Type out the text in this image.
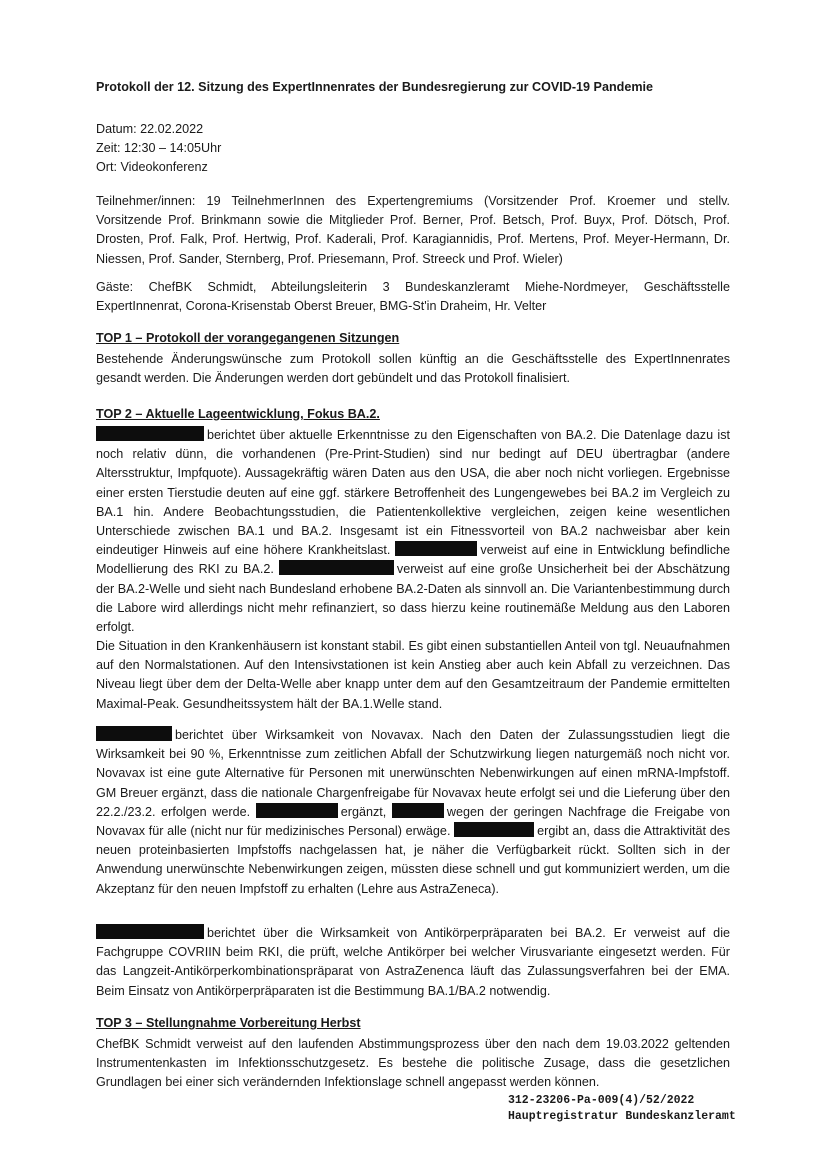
Protokoll der 12. Sitzung des ExpertInnenrates der Bundesregierung zur COVID-19 Pandemie
Datum: 22.02.2022
Zeit: 12:30 – 14:05Uhr
Ort: Videokonferenz
Teilnehmer/innen: 19 TeilnehmerInnen des Expertengremiums (Vorsitzender Prof. Kroemer und stellv. Vorsitzende Prof. Brinkmann sowie die Mitglieder Prof. Berner, Prof. Betsch, Prof. Buyx, Prof. Dötsch, Prof. Drosten, Prof. Falk, Prof. Hertwig, Prof. Kaderali, Prof. Karagiannidis, Prof. Mertens, Prof. Meyer-Hermann, Dr. Niessen, Prof. Sander, Sternberg, Prof. Priesemann, Prof. Streeck und Prof. Wieler)
Gäste: ChefBK Schmidt, Abteilungsleiterin 3 Bundeskanzleramt Miehe-Nordmeyer, Geschäftsstelle ExpertInnenrat, Corona-Krisenstab Oberst Breuer, BMG-St'in Draheim, Hr. Velter
TOP 1 – Protokoll der vorangegangenen Sitzungen
Bestehende Änderungswünsche zum Protokoll sollen künftig an die Geschäftsstelle des ExpertInnenrates gesandt werden. Die Änderungen werden dort gebündelt und das Protokoll finalisiert.
TOP 2 – Aktuelle Lageentwicklung, Fokus BA.2.
berichtet über aktuelle Erkenntnisse zu den Eigenschaften von BA.2. Die Datenlage dazu ist noch relativ dünn, die vorhandenen (Pre-Print-Studien) sind nur bedingt auf DEU übertragbar (andere Altersstruktur, Impfquote). Aussagekräftig wären Daten aus den USA, die aber noch nicht vorliegen. Ergebnisse einer ersten Tierstudie deuten auf eine ggf. stärkere Betroffenheit des Lungengewebes bei BA.2 im Vergleich zu BA.1 hin. Andere Beobachtungsstudien, die Patientenkollektive vergleichen, zeigen keine wesentlichen Unterschiede zwischen BA.1 und BA.2. Insgesamt ist ein Fitnessvorteil von BA.2 nachweisbar aber kein eindeutiger Hinweis auf eine höhere Krankheitslast.	verweist auf eine in Entwicklung befindliche Modellierung des RKI zu BA.2.	verweist auf eine große Unsicherheit bei der Abschätzung der BA.2-Welle und sieht nach Bundesland erhobene BA.2-Daten als sinnvoll an. Die Variantenbestimmung durch die Labore wird allerdings nicht mehr refinanziert, so dass hierzu keine routinemäße Meldung aus den Laboren erfolgt.
Die Situation in den Krankenhäusern ist konstant stabil. Es gibt einen substantiellen Anteil von tgl. Neuaufnahmen auf den Normalstationen. Auf den Intensivstationen ist kein Anstieg aber auch kein Abfall zu verzeichnen. Das Niveau liegt über dem der Delta-Welle aber knapp unter dem auf den Gesamtzeitraum der Pandemie ermittelten Maximal-Peak. Gesundheitssystem hält der BA.1.Welle stand.
berichtet über Wirksamkeit von Novavax. Nach den Daten der Zulassungsstudien liegt die Wirksamkeit bei 90 %, Erkenntnisse zum zeitlichen Abfall der Schutzwirkung liegen naturgemäß noch nicht vor. Novavax ist eine gute Alternative für Personen mit unerwünschten Nebenwirkungen auf einen mRNA-Impfstoff. GM Breuer ergänzt, dass die nationale Chargenfreigabe für Novavax heute erfolgt sei und die Lieferung über den 22.2./23.2. erfolgen werde.	ergänzt,	wegen der geringen Nachfrage die Freigabe von Novavax für alle (nicht nur für medizinisches Personal) erwäge.	ergibt an, dass die Attraktivität des neuen proteinbasierten Impfstoffs nachgelassen hat, je näher die Verfügbarkeit rückt. Sollten sich in der Anwendung unerwünschte Nebenwirkungen zeigen, müssten diese schnell und gut kommuniziert werden, um die Akzeptanz für den neuen Impfstoff zu erhalten (Lehre aus AstraZeneca).
berichtet über die Wirksamkeit von Antikörperpräparaten bei BA.2. Er verweist auf die Fachgruppe COVRIIN beim RKI, die prüft, welche Antikörper bei welcher Virusvariante eingesetzt werden. Für das Langzeit-Antikörperkombinationspräparat von AstraZenenca läuft das Zulassungsverfahren bei der EMA. Beim Einsatz von Antikörperpräparaten ist die Bestimmung BA.1/BA.2 notwendig.
TOP 3 – Stellungnahme Vorbereitung Herbst
ChefBK Schmidt verweist auf den laufenden Abstimmungsprozess über den nach dem 19.03.2022 geltenden Instrumentenkasten im Infektionsschutzgesetz. Es bestehe die politische Zusage, dass die gesetzlichen Grundlagen bei einer sich verändernden Infektionslage schnell angepasst werden können.
312-23206-Pa-009(4)/52/2022
Hauptregistratur Bundeskanzleramt
